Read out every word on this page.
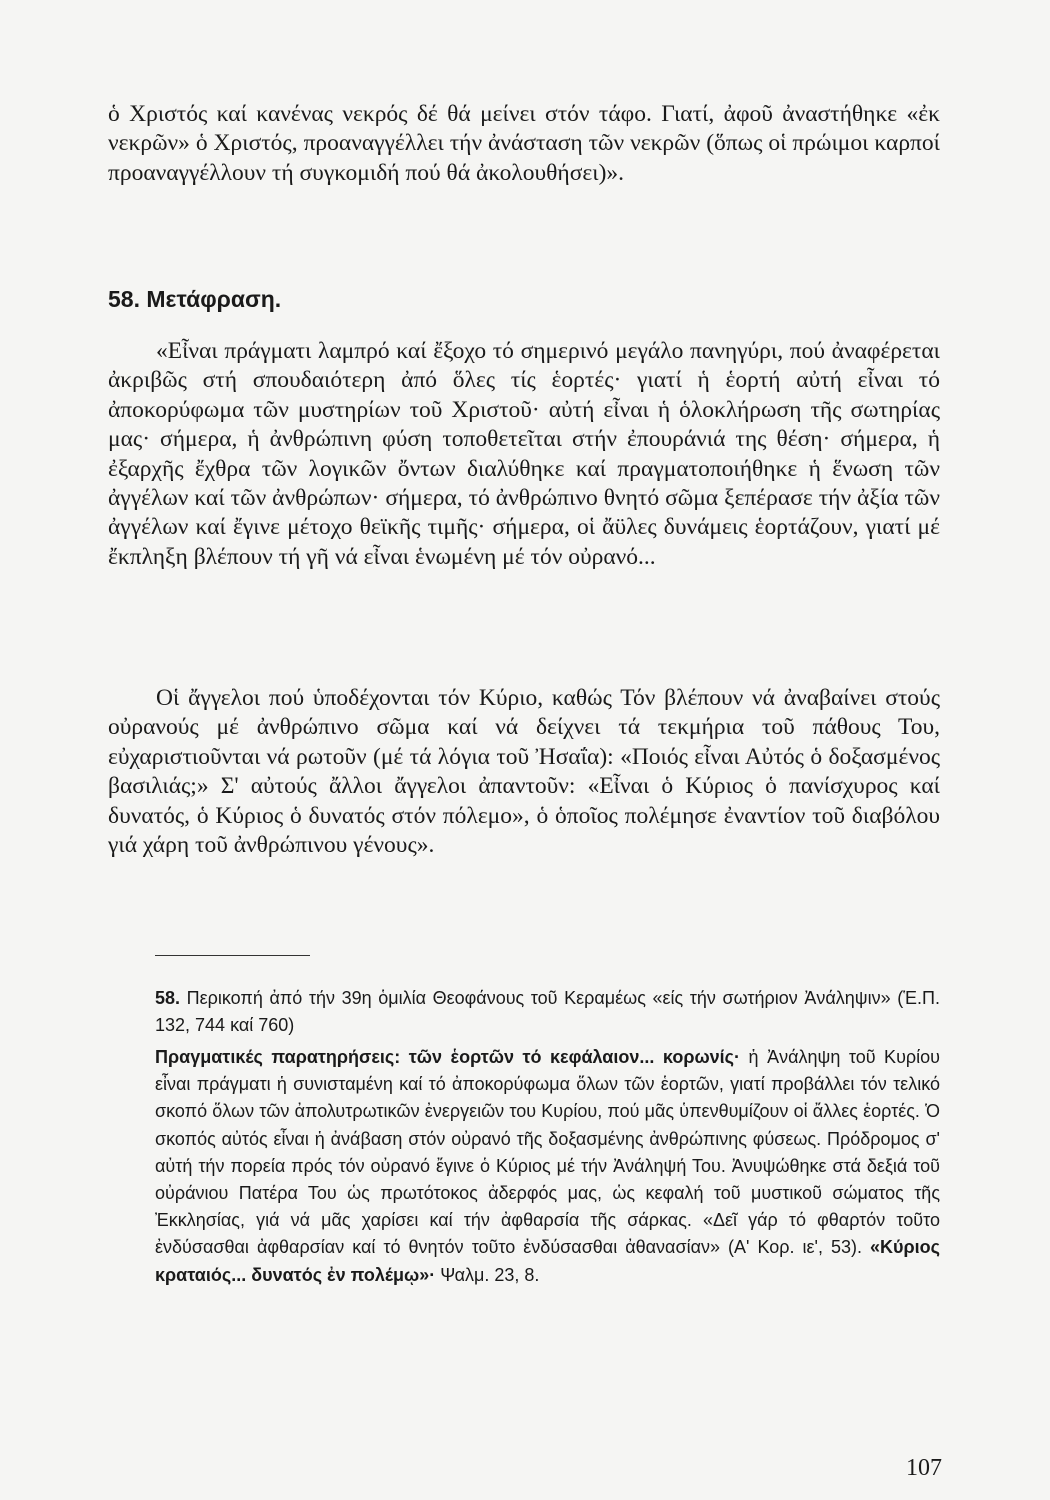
ὁ Χριστός καί κανένας νεκρός δέ θά μείνει στόν τάφο. Γιατί, ἀφοῦ ἀναστήθηκε «ἐκ νεκρῶν» ὁ Χριστός, προαναγγέλλει τήν ἀνάσταση τῶν νεκρῶν (ὅπως οἱ πρώιμοι καρποί προαναγγέλλουν τή συγκομιδή πού θά ἀκολουθήσει)».

58. Μετάφραση.

«Εἶναι πράγματι λαμπρό καί ἔξοχο τό σημερινό μεγάλο πανηγύρι, πού ἀναφέρεται ἀκριβῶς στή σπουδαιότερη ἀπό ὅλες τίς ἑορτές· γιατί ἡ ἑορτή αὐτή εἶναι τό ἀποκορύφωμα τῶν μυστηρίων τοῦ Χριστοῦ· αὐτή εἶναι ἡ ὁλοκλήρωση τῆς σωτηρίας μας· σήμερα, ἡ ἀνθρώπινη φύση τοποθετεῖται στήν ἐπουράνιά της θέση· σήμερα, ἡ ἐξαρχῆς ἔχθρα τῶν λογικῶν ὄντων διαλύθηκε καί πραγματοποιήθηκε ἡ ἕνωση τῶν ἀγγέλων καί τῶν ἀνθρώπων· σήμερα, τό ἀνθρώπινο θνητό σῶμα ξεπέρασε τήν ἀξία τῶν ἀγγέλων καί ἔγινε μέτοχο θεϊκῆς τιμῆς· σήμερα, οἱ ἄϋλες δυνάμεις ἑορτάζουν, γιατί μέ ἔκπληξη βλέπουν τή γῆ νά εἶναι ἑνωμένη μέ τόν οὐρανό...

Οἱ ἄγγελοι πού ὑποδέχονται τόν Κύριο, καθώς Τόν βλέπουν νά ἀναβαίνει στούς οὐρανούς μέ ἀνθρώπινο σῶμα καί νά δείχνει τά τεκμήρια τοῦ πάθους Του, εὐχαριστιοῦνται νά ρωτοῦν (μέ τά λόγια τοῦ Ἠσαΐα): «Ποιός εἶναι Αὐτός ὁ δοξασμένος βασιλιάς;» Σ' αὐτούς ἄλλοι ἄγγελοι ἀπαντοῦν: «Εἶναι ὁ Κύριος ὁ πανίσχυρος καί δυνατός, ὁ Κύριος ὁ δυνατός στόν πόλεμο», ὁ ὁποῖος πολέμησε ἐναντίον τοῦ διαβόλου γιά χάρη τοῦ ἀνθρώπινου γένους».

58. Περικοπή ἀπό τήν 39η ὁμιλία Θεοφάνους τοῦ Κεραμέως «είς τήν σωτήριον Ἀνάληψιν» (Ἑ.Π. 132, 744 καί 760)

Πραγματικές παρατηρήσεις: τῶν ἑορτῶν τό κεφάλαιον... κορωνίς· ἡ Ἀνάληψη τοῦ Κυρίου εἶναι πράγματι ἡ συνισταμένη καί τό ἀποκορύφωμα ὅλων τῶν ἑορτῶν, γιατί προβάλλει τόν τελικό σκοπό ὅλων τῶν ἀπολυτρωτικῶν ἐνεργειῶν του Κυρίου, πού μᾶς ὑπενθυμίζουν οἱ ἄλλες ἑορτές. Ὁ σκοπός αὐτός εἶναι ἡ ἀνάβαση στόν οὐρανό τῆς δοξασμένης ἀνθρώπινης φύσεως. Πρόδρομος σ' αὐτή τήν πορεία πρός τόν οὐρανό ἔγινε ὁ Κύριος μέ τήν Ἀνάληψή Του. Ἀνυψώθηκε στά δεξιά τοῦ οὐράνιου Πατέρα Του ὡς πρωτότοκος ἀδερφός μας, ὡς κεφαλή τοῦ μυστικοῦ σώματος τῆς Ἐκκλησίας, γιά νά μᾶς χαρίσει καί τήν ἀφθαρσία τῆς σάρκας. «Δεῖ γάρ τό φθαρτόν τοῦτο ἐνδύσασθαι ἀφθαρσίαν καί τό θνητόν τοῦτο ἐνδύσασθαι ἀθανασίαν» (Α' Κορ. ιε', 53). «Κύριος κραταιός... δυνατός ἐν πολέμῳ»· Ψαλμ. 23, 8.

107
